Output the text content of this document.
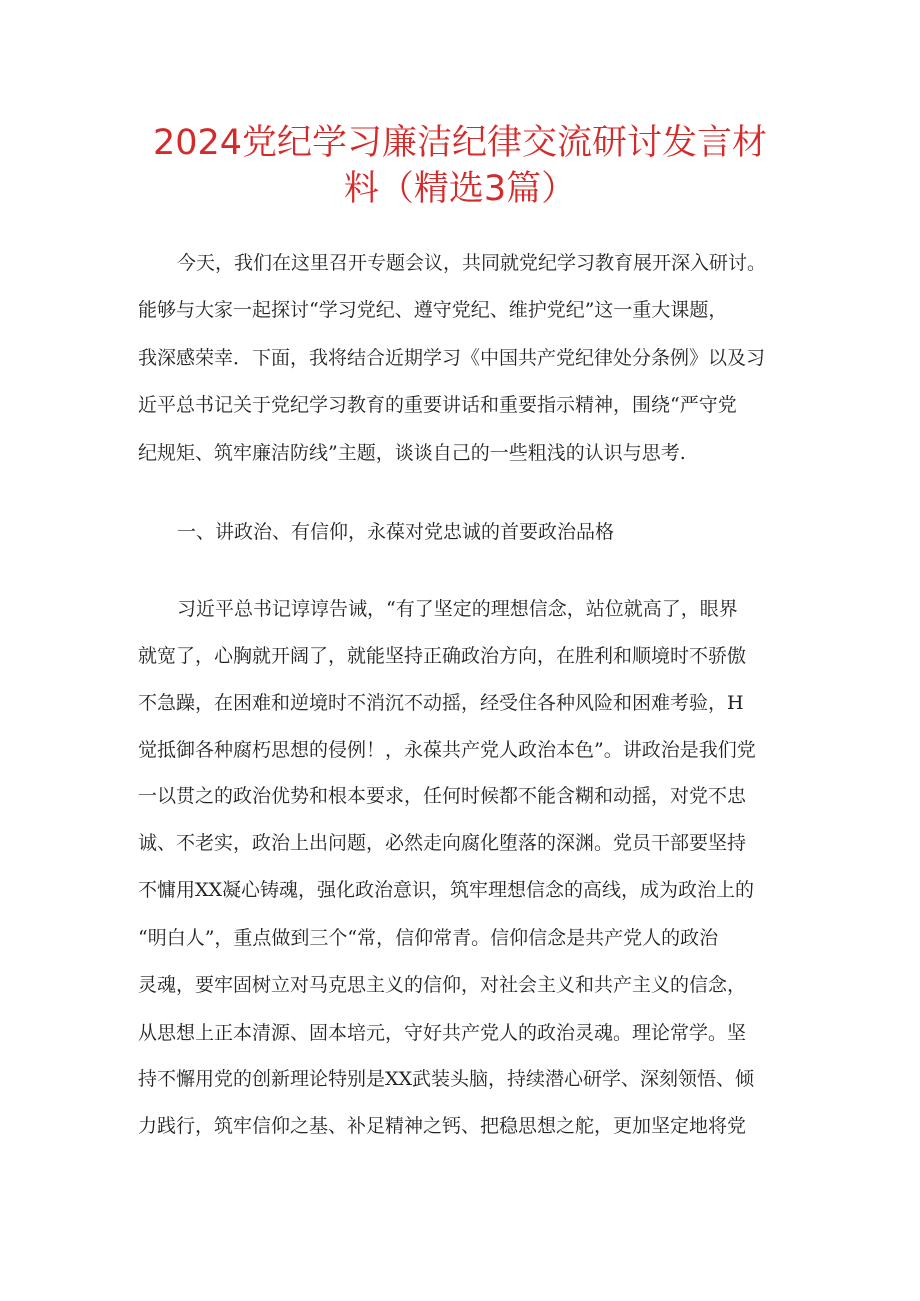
2024党纪学习廉洁纪律交流研讨发言材
料（精选3篇）
今天，我们在这里召开专题会议，共同就党纪学习教育展开深入研讨。
能够与大家一起探讨“学习党纪、遵守党纪、维护党纪”这一重大课题，
我深感荣幸．下面，我将结合近期学习《中国共产党纪律处分条例》以及习
近平总书记关于党纪学习教育的重要讲话和重要指示精神，围绕“严守党
纪规矩、筑牢廉洁防线”主题，谈谈自己的一些粗浅的认识与思考.
一、讲政治、有信仰，永葆对党忠诚的首要政治品格
习近平总书记谆谆告诫，“有了坚定的理想信念，站位就高了，眼界
就宽了，心胸就开阔了，就能坚持正确政治方向，在胜利和顺境时不骄傲
不急躁，在困难和逆境时不消沉不动摇，经受住各种风险和困难考验，H
觉抵御各种腐朽思想的侵例！，永葆共产党人政治本色”。讲政治是我们党
一以贯之的政治优势和根本要求，任何时候都不能含糊和动摇，对党不忠
诚、不老实，政治上出问题，必然走向腐化堕落的深渊。党员干部要坚持
不慵用XX凝心铸魂，强化政治意识，筑牢理想信念的高线，成为政治上的
“明白人”，重点做到三个“常，信仰常青。信仰信念是共产党人的政治
灵魂，要牢固树立对马克思主义的信仰，对社会主义和共产主义的信念，
从思想上正本清源、固本培元，守好共产党人的政治灵魂。理论常学。坚
持不懈用党的创新理论特别是XX武装头脑，持续潜心研学、深刻领悟、倾
力践行，筑牢信仰之基、补足精神之钙、把稳思想之舵，更加坚定地将党
